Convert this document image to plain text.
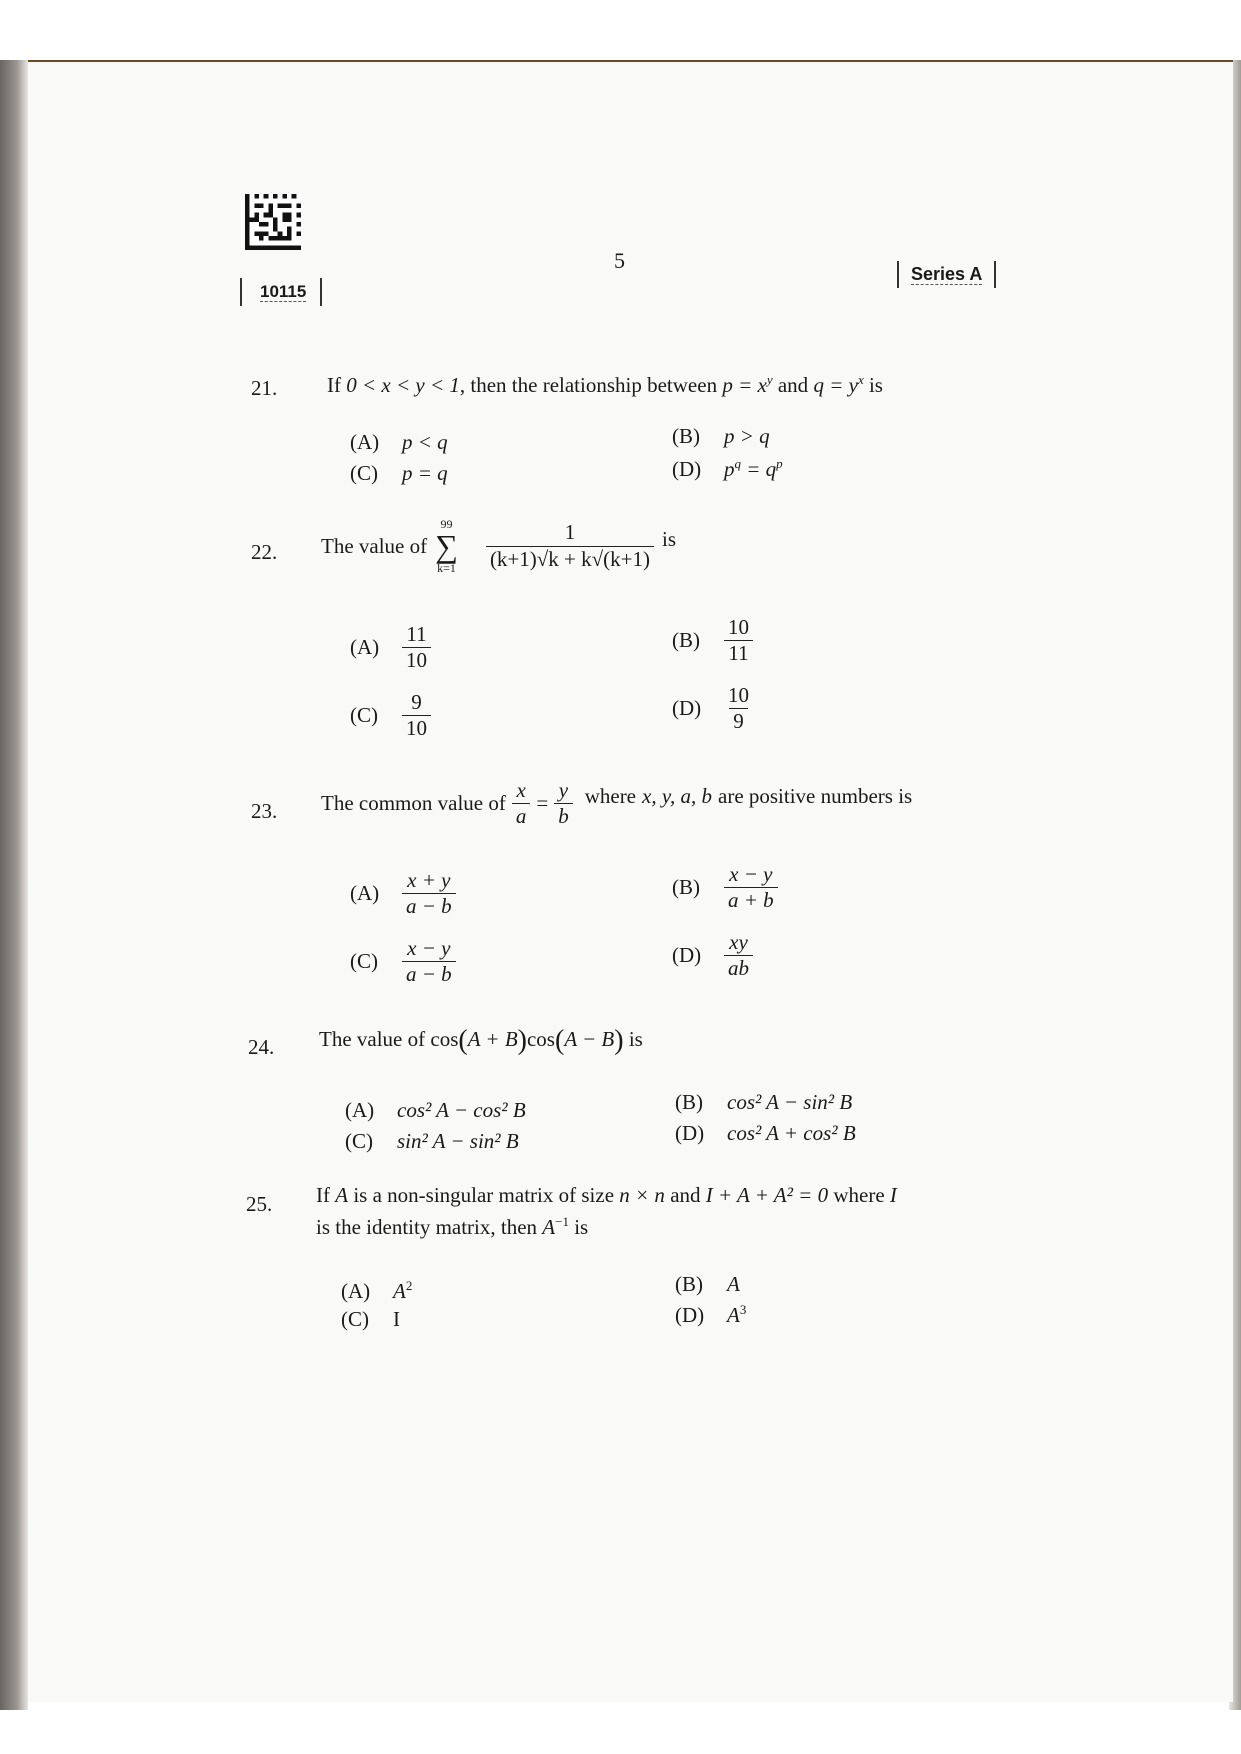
5
10115
Series A
21. If 0 < x < y < 1, then the relationship between $p = x^y$ and $q = y^x$ is
(A) p < q	(B) p > q
(C) p = q	(D) $p^q = q^p$
22. The value of
99
∑
$k=1 \frac{1}{(k+1)√k + k√(k+1)}$ is
(A)	$\frac{11}{10}$	(B)	$\frac{10}{11}$
(C)	$\frac{9}{10}$	(D)	$\frac{10}{9}$
23. The common value of $\frac{x}{a} = \frac{y}{b}$ where x, y, a, b are positive numbers is
(A)	$\frac{x + y}{a - b}$	(B)	$\frac{x - y}{a + b}$
(C)	$\frac{x - y}{a - b}$	(D)	$\frac{xy}{ab}$
24. The value of cos(A + B)cos(A − B) is
(A) cos² A − cos² B	(B) cos² A − sin² B
(C) sin² A − sin² B	(D) cos² A + cos² B
25. If A is a non-singular matrix of size n × n and I + A + A² = 0 where I
is the identity matrix, then $A^{-1}$ is
(A) $A^2$	(B) A
(C) I	(D) $A^3$
